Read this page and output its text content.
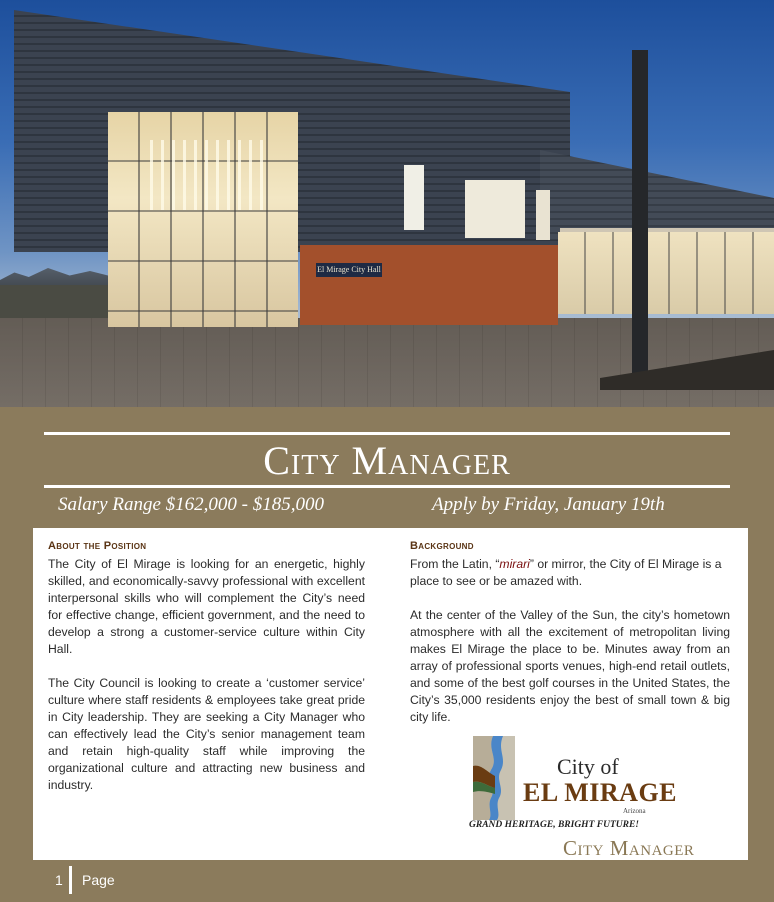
El Mirage City Hall
City Manager
Salary Range $162,000 - $185,000	Apply by Friday, January 19th
About the Position

The City of El Mirage is looking for an energetic, highly skilled, and economically-savvy professional with excellent interpersonal skills who will complement the City’s need for effective change, efficient government, and the need to develop a strong a customer-service culture within City Hall.

The City Council is looking to create a ‘customer service’ culture where staff residents & employees take great pride in City leadership. They are seeking a City Manager who can effectively lead the City’s senior management team and retain high-quality staff while improving the organizational culture and attracting new business and industry.

Background

From the Latin, “mirari” or mirror, the City of El Mirage is a place to see or be amazed with.

At the center of the Valley of the Sun, the city’s hometown atmosphere with all the excitement of metropolitan living makes El Mirage the place to be. Minutes away from an array of professional sports venues, high-end retail outlets, and some of the best golf courses in the United States, the City’s 35,000 residents enjoy the best of small town & big city life.

City of
EL MIRAGE
Arizona
GRAND HERITAGE, BRIGHT FUTURE!
City Manager
1 Page
